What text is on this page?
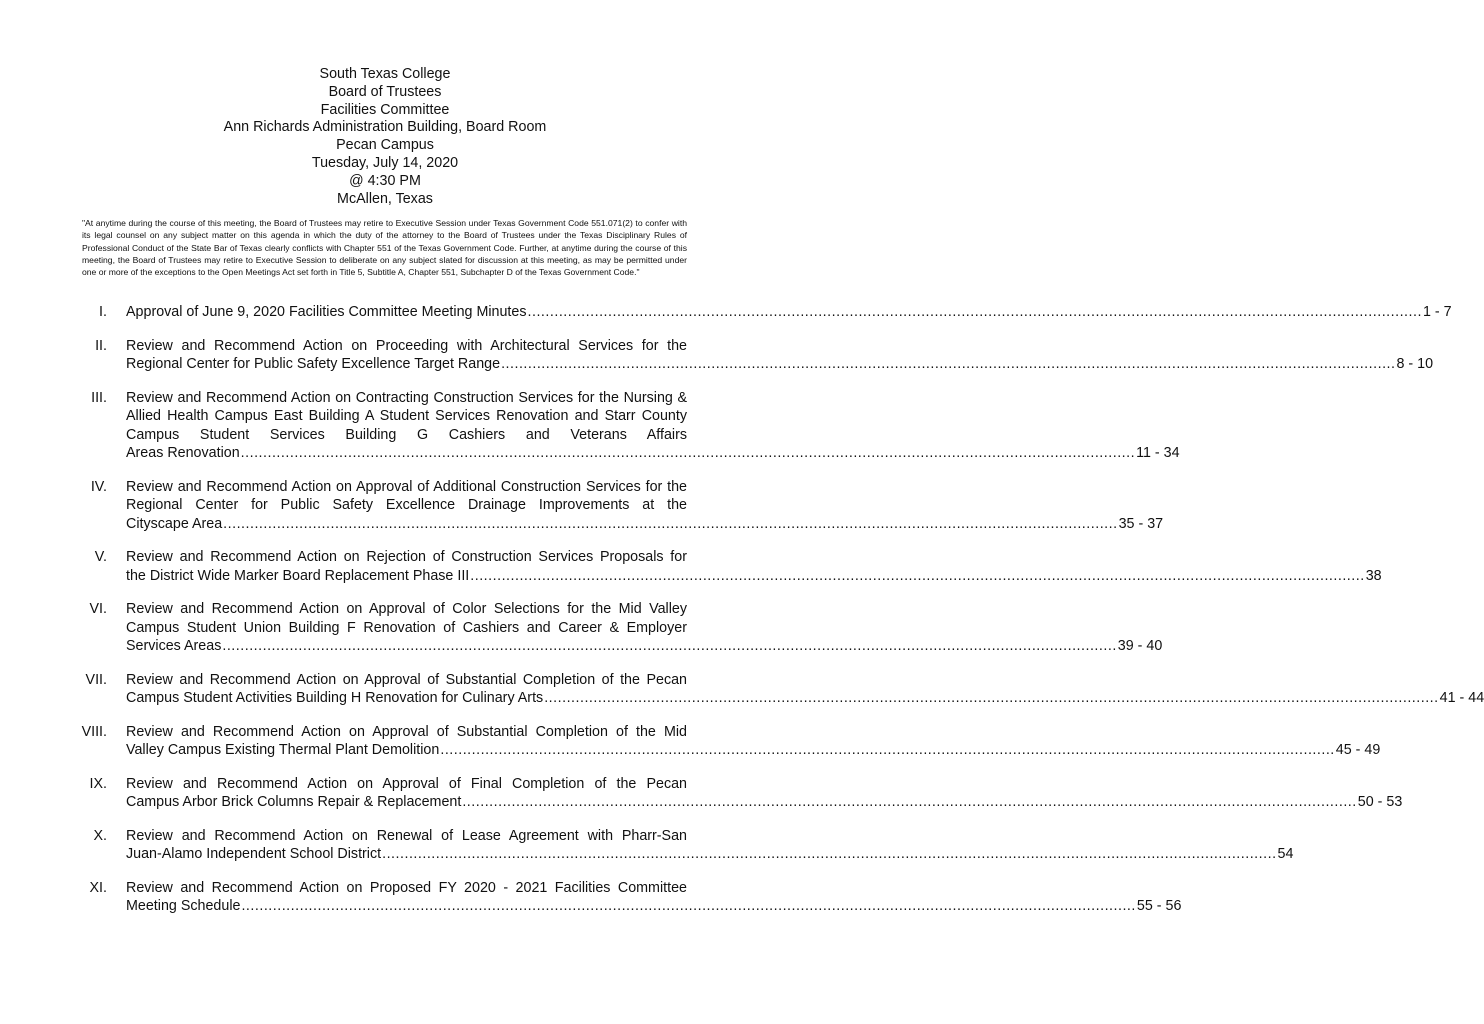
South Texas College
Board of Trustees
Facilities Committee
Ann Richards Administration Building, Board Room
Pecan Campus
Tuesday, July 14, 2020
@ 4:30 PM
McAllen, Texas
"At anytime during the course of this meeting, the Board of Trustees may retire to Executive Session under Texas Government Code 551.071(2) to confer with its legal counsel on any subject matter on this agenda in which the duty of the attorney to the Board of Trustees under the Texas Disciplinary Rules of Professional Conduct of the State Bar of Texas clearly conflicts with Chapter 551 of the Texas Government Code. Further, at anytime during the course of this meeting, the Board of Trustees may retire to Executive Session to deliberate on any subject slated for discussion at this meeting, as may be permitted under one or more of the exceptions to the Open Meetings Act set forth in Title 5, Subtitle A, Chapter 551, Subchapter D of the Texas Government Code."
I. Approval of June 9, 2020 Facilities Committee Meeting Minutes ........................................................................................................................................................................................................ 1 - 7
II. Review and Recommend Action on Proceeding with Architectural Services for the
Regional Center for Public Safety Excellence Target Range ........................................................................................................................................................................................................ 8 - 10
III. Review and Recommend Action on Contracting Construction Services for the Nursing & Allied Health Campus East Building A Student Services Renovation and Starr County Campus Student Services Building G Cashiers and Veterans Affairs
Areas Renovation ........................................................................................................................................................................................................ 11 - 34
IV. Review and Recommend Action on Approval of Additional Construction Services for the Regional Center for Public Safety Excellence Drainage Improvements at the
Cityscape Area ........................................................................................................................................................................................................ 35 - 37
V. Review and Recommend Action on Rejection of Construction Services Proposals for
the District Wide Marker Board Replacement Phase III ........................................................................................................................................................................................................ 38
VI. Review and Recommend Action on Approval of Color Selections for the Mid Valley Campus Student Union Building F Renovation of Cashiers and Career & Employer
Services Areas ........................................................................................................................................................................................................ 39 - 40
VII. Review and Recommend Action on Approval of Substantial Completion of the Pecan
Campus Student Activities Building H Renovation for Culinary Arts ........................................................................................................................................................................................................ 41 - 44
VIII. Review and Recommend Action on Approval of Substantial Completion of the Mid
Valley Campus Existing Thermal Plant Demolition ........................................................................................................................................................................................................ 45 - 49
IX. Review and Recommend Action on Approval of Final Completion of the Pecan
Campus Arbor Brick Columns Repair & Replacement ........................................................................................................................................................................................................ 50 - 53
X. Review and Recommend Action on Renewal of Lease Agreement with Pharr-San
Juan-Alamo Independent School District ........................................................................................................................................................................................................ 54
XI. Review and Recommend Action on Proposed FY 2020 - 2021 Facilities Committee
Meeting Schedule ........................................................................................................................................................................................................ 55 - 56
